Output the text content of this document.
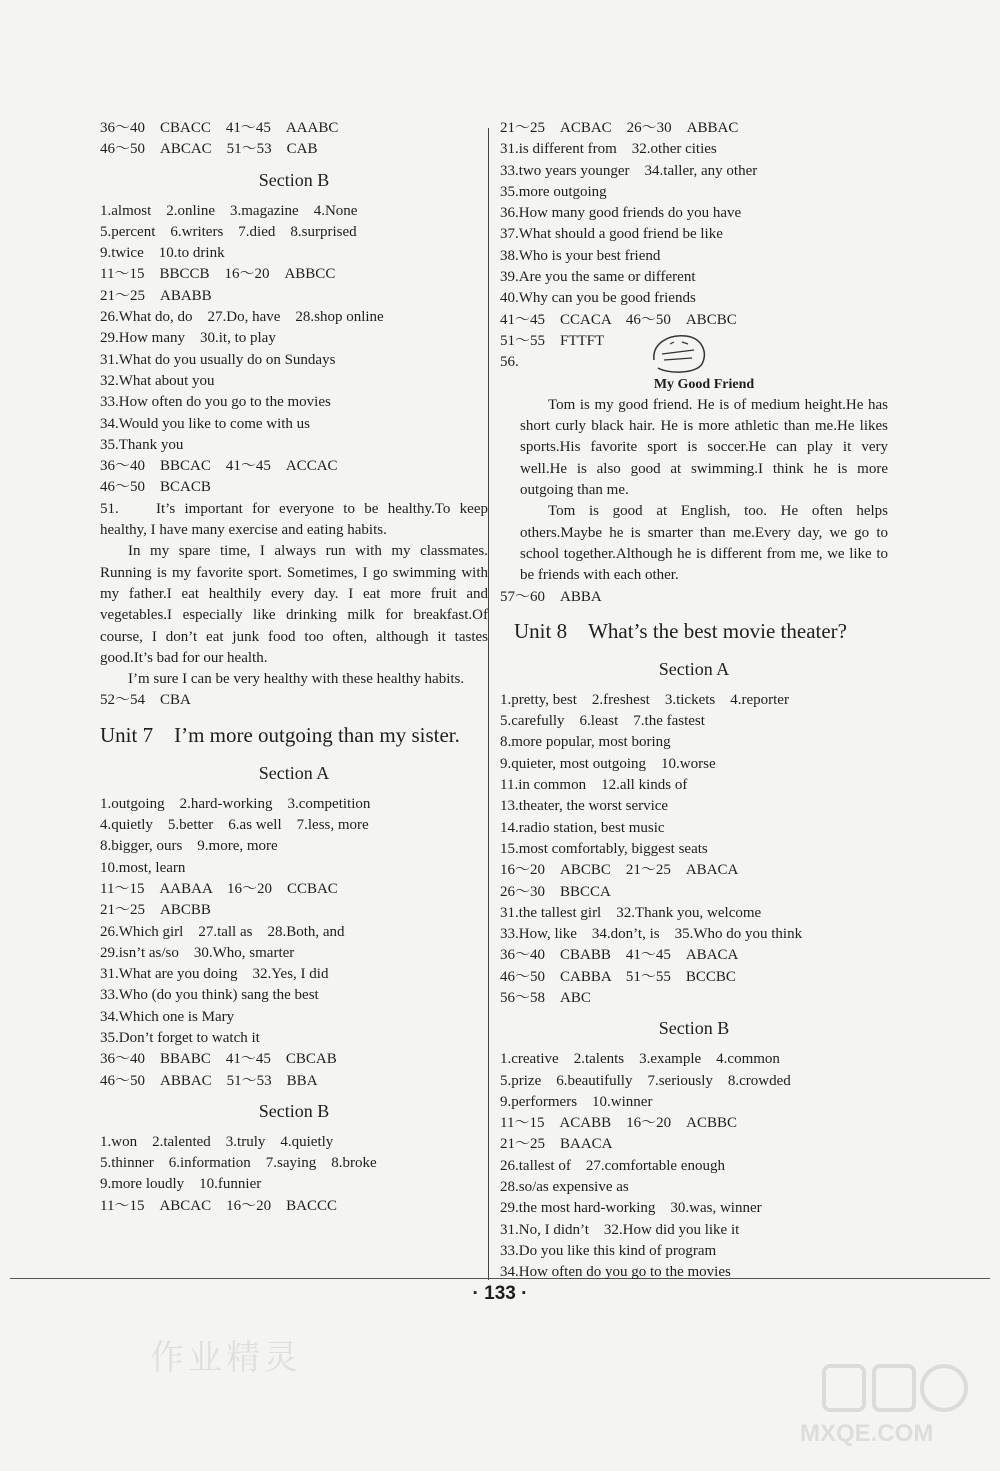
36～40　CBACC　41～45　AAABC
46～50　ABCAC　51～53　CAB
Section B
1.almost　2.online　3.magazine　4.None
5.percent　6.writers　7.died　8.surprised
9.twice　10.to drink
11～15　BBCCB　16～20　ABBCC
21～25　ABABB
26.What do, do　27.Do, have　28.shop online
29.How many　30.it, to play
31.What do you usually do on Sundays
32.What about you
33.How often do you go to the movies
34.Would you like to come with us
35.Thank you
36～40　BBCAC　41～45　ACCAC
46～50　BCACB
51.	It’s important for everyone to be healthy.To keep healthy, I have many exercise and eating habits.
In my spare time, I always run with my classmates. Running is my favorite sport. Sometimes, I go swimming with my father.I eat healthily every day. I eat more fruit and vegetables.I especially like drinking milk for breakfast.Of course, I don’t eat junk food too often, although it tastes good.It’s bad for our health.
I’m sure I can be very healthy with these healthy habits.
52～54　CBA
Unit 7　I’m more outgoing than my sister.
Section A
1.outgoing　2.hard-working　3.competition
4.quietly　5.better　6.as well　7.less, more
8.bigger, ours　9.more, more
10.most, learn
11～15　AABAA　16～20　CCBAC
21～25　ABCBB
26.Which girl　27.tall as　28.Both, and
29.isn’t as/so　30.Who, smarter
31.What are you doing　32.Yes, I did
33.Who (do you think) sang the best
34.Which one is Mary
35.Don’t forget to watch it
36～40　BBABC　41～45　CBCAB
46～50　ABBAC　51～53　BBA
Section B
1.won　2.talented　3.truly　4.quietly
5.thinner　6.information　7.saying　8.broke
9.more loudly　10.funnier
11～15　ABCAC　16～20　BACCC
21～25　ACBAC　26～30　ABBAC
31.is different from　32.other cities
33.two years younger　34.taller, any other
35.more outgoing
36.How many good friends do you have
37.What should a good friend be like
38.Who is your best friend
39.Are you the same or different
40.Why can you be good friends
41～45　CCACA　46～50　ABCBC
51～55　FTTFT
56.
My Good Friend
Tom is my good friend. He is of medium height.He has short curly black hair. He is more athletic than me.He likes sports.His favorite sport is soccer.He can play it very well.He is also good at swimming.I think he is more outgoing than me.
Tom is good at English, too. He often helps others.Maybe he is smarter than me.Every day, we go to school together.Although he is different from me, we like to be friends with each other.
57～60　ABBA
Unit 8　What’s the best movie theater?
Section A
1.pretty, best　2.freshest　3.tickets　4.reporter
5.carefully　6.least　7.the fastest
8.more popular, most boring
9.quieter, most outgoing　10.worse
11.in common　12.all kinds of
13.theater, the worst service
14.radio station, best music
15.most comfortably, biggest seats
16～20　ABCBC　21～25　ABACA
26～30　BBCCA
31.the tallest girl　32.Thank you, welcome
33.How, like　34.don’t, is　35.Who do you think
36～40　CBABB　41～45　ABACA
46～50　CABBA　51～55　BCCBC
56～58　ABC
Section B
1.creative　2.talents　3.example　4.common
5.prize　6.beautifully　7.seriously　8.crowded
9.performers　10.winner
11～15　ACABB　16～20　ACBBC
21～25　BAACA
26.tallest of　27.comfortable enough
28.so/as expensive as
29.the most hard-working　30.was, winner
31.No, I didn’t　32.How did you like it
33.Do you like this kind of program
34.How often do you go to the movies
· 133 ·
作业精灵
MXQE.COM
